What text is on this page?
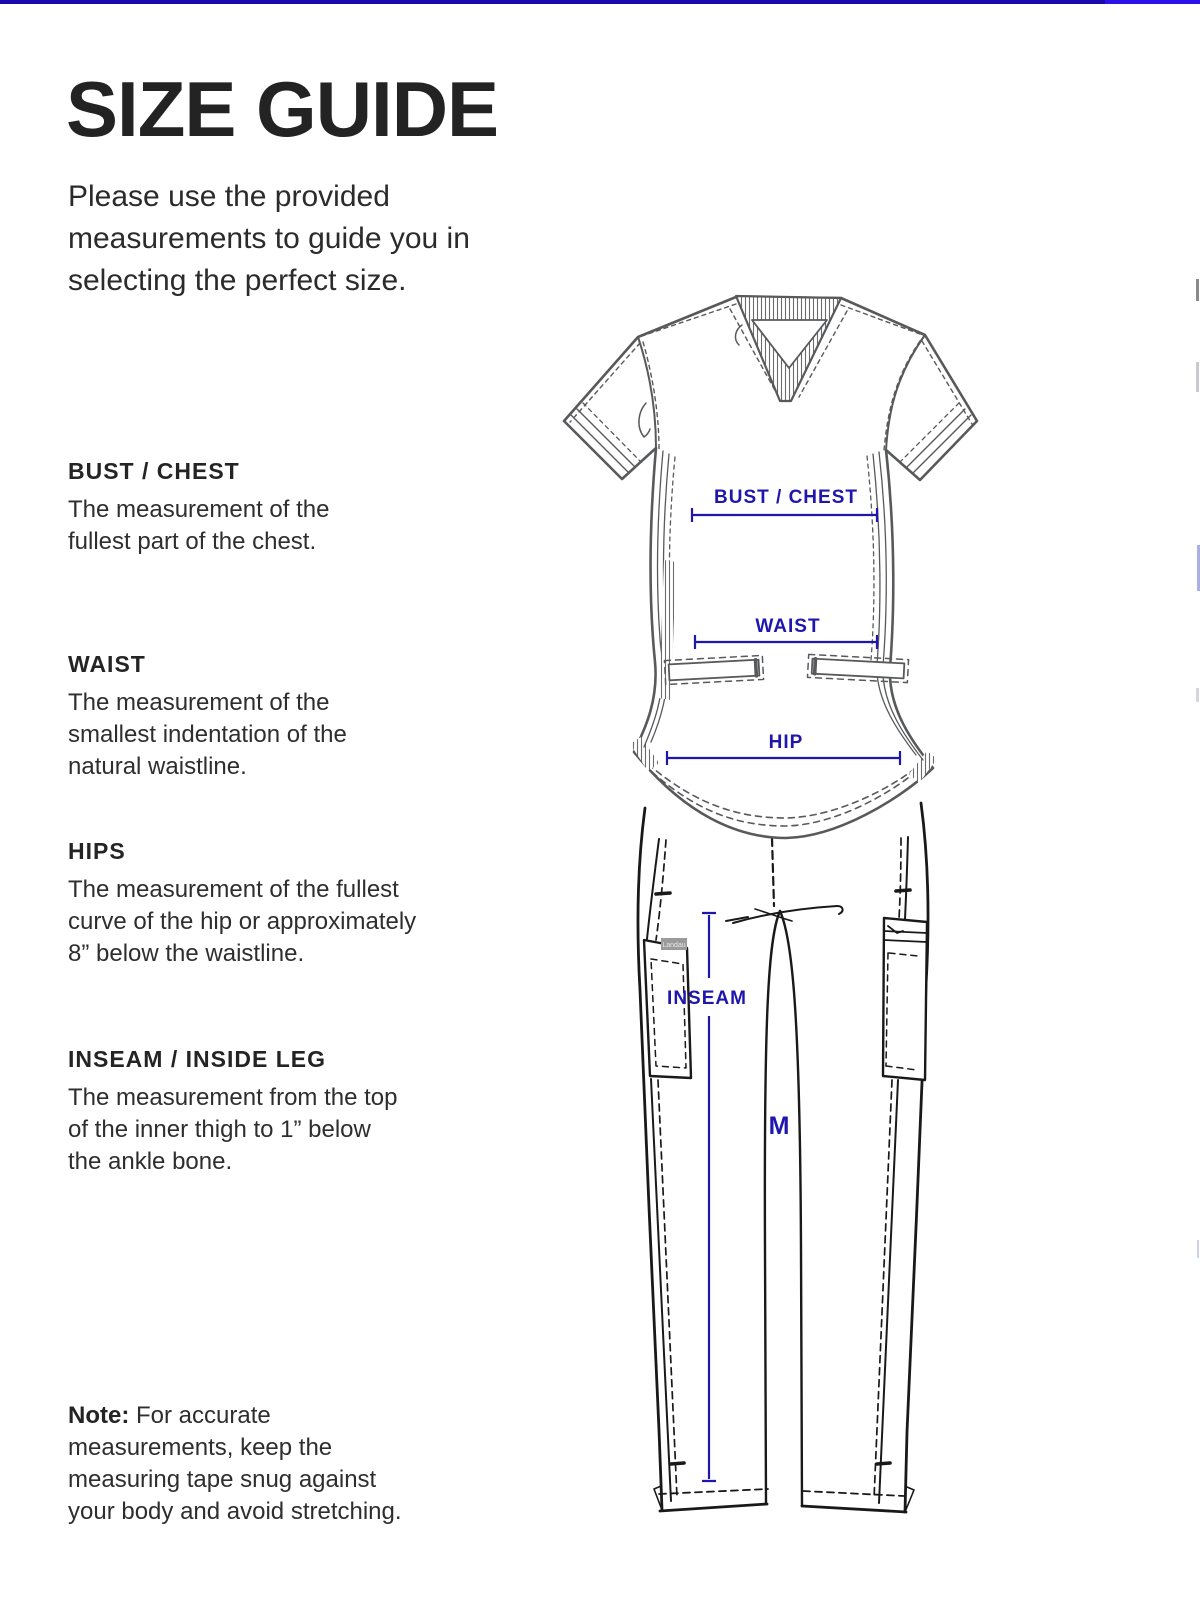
Landau
BUST / CHEST
WAIST
HIP
INSEAM
M
SIZE GUIDE
Please use the provided
measurements to guide you in
selecting the perfect size.
BUST / CHEST
The measurement of the
fullest part of the chest.
WAIST
The measurement of the
smallest indentation of the
natural waistline.
HIPS
The measurement of the fullest
curve of the hip or approximately
8” below the waistline.
INSEAM / INSIDE LEG
The measurement from the top
of the inner thigh to 1” below
the ankle bone.
Note: For accurate
measurements, keep the
measuring tape snug against
your body and avoid stretching.
